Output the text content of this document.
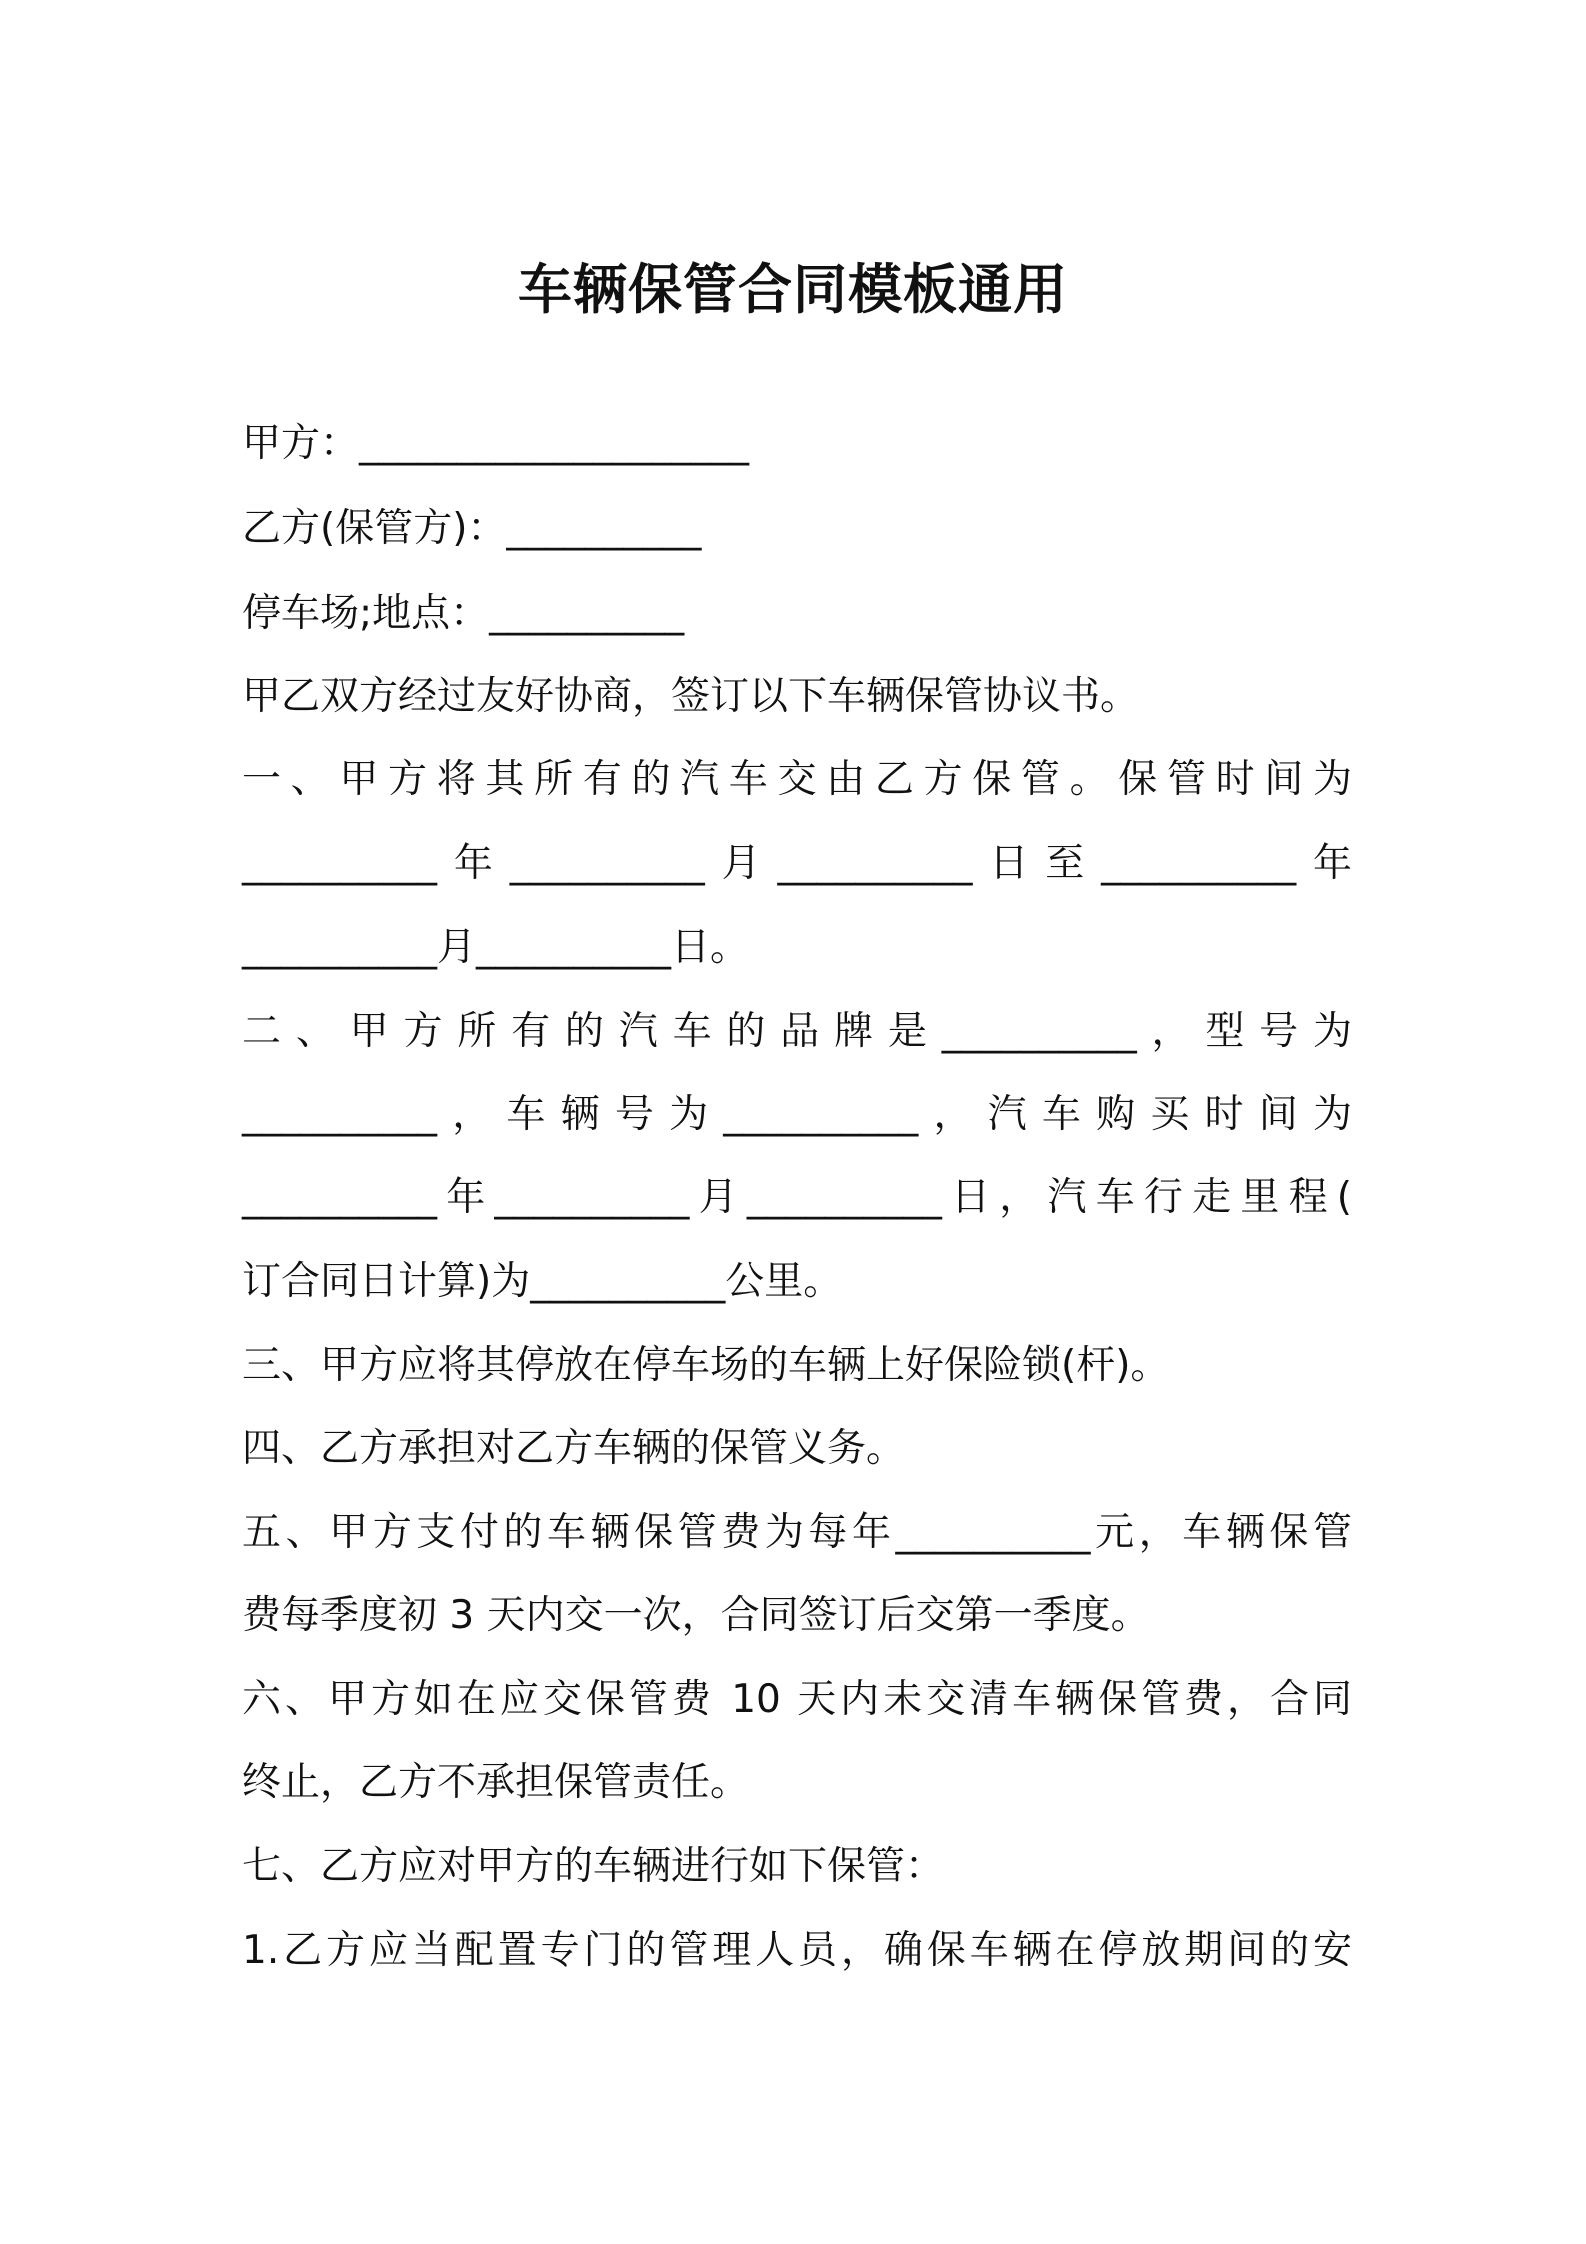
车辆保管合同模板通用
甲方：____________________
乙方(保管方)：__________
停车场;地点：__________
甲乙双方经过友好协商，签订以下车辆保管协议书。
一、甲方将其所有的汽车交由乙方保管。保管时间为
__________年__________月__________日至__________年
__________月__________日。
二、甲方所有的汽车的品牌是__________，型号为
__________，车辆号为__________，汽车购买时间为
__________年__________月__________日，汽车行走里程(
订合同日计算)为__________公里。
三、甲方应将其停放在停车场的车辆上好保险锁(杆)。
四、乙方承担对乙方车辆的保管义务。
五、甲方支付的车辆保管费为每年__________元，车辆保管
费每季度初 3 天内交一次，合同签订后交第一季度。
六、甲方如在应交保管费 10 天内未交清车辆保管费，合同
终止，乙方不承担保管责任。
七、乙方应对甲方的车辆进行如下保管：
1.乙方应当配置专门的管理人员，确保车辆在停放期间的安
